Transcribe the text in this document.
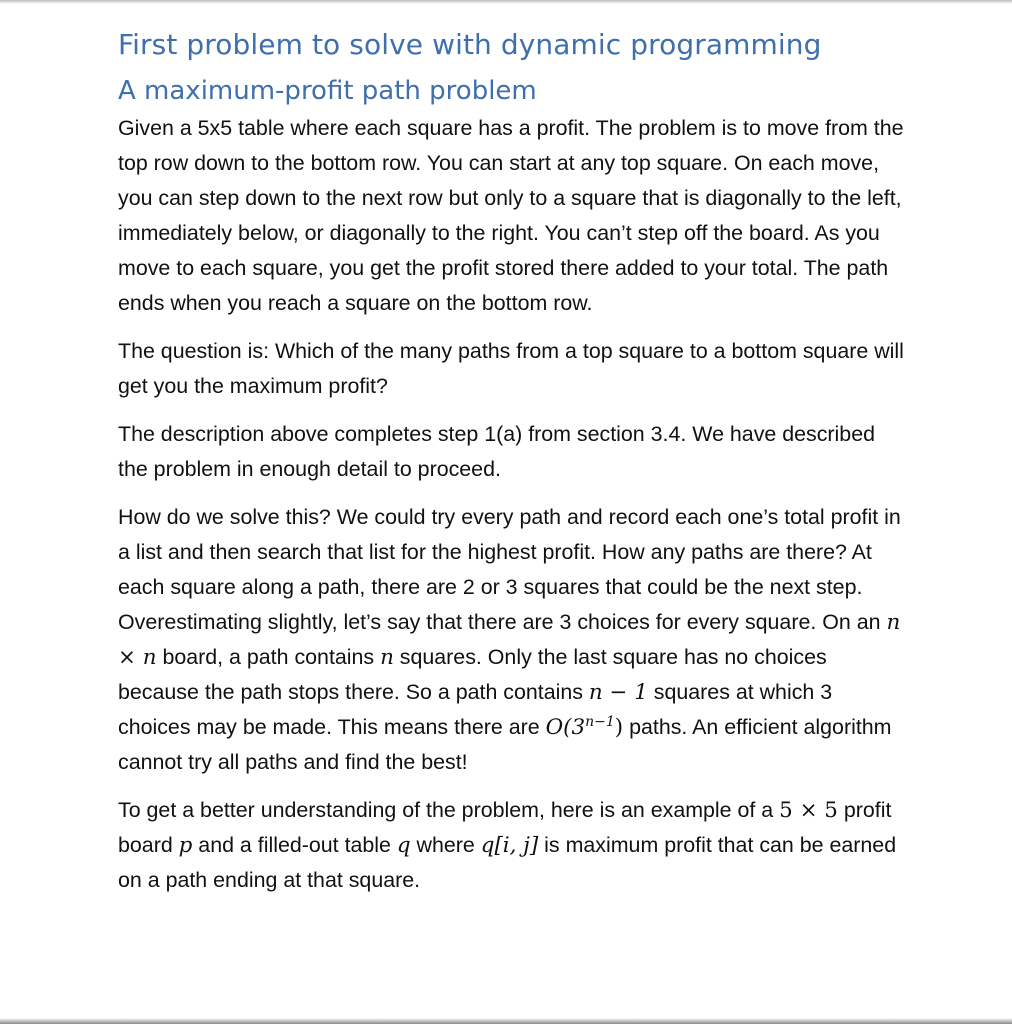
First problem to solve with dynamic programming
A maximum-profit path problem

Given a 5x5 table where each square has a profit. The problem is to move from the top row down to the bottom row. You can start at any top square. On each move, you can step down to the next row but only to a square that is diagonally to the left, immediately below, or diagonally to the right. You can’t step off the board. As you move to each square, you get the profit stored there added to your total. The path ends when you reach a square on the bottom row.

The question is: Which of the many paths from a top square to a bottom square will get you the maximum profit?

The description above completes step 1(a) from section 3.4. We have described the problem in enough detail to proceed.

How do we solve this? We could try every path and record each one’s total profit in a list and then search that list for the highest profit. How any paths are there? At each square along a path, there are 2 or 3 squares that could be the next step. Overestimating slightly, let’s say that there are 3 choices for every square. On an n × n board, a path contains n squares. Only the last square has no choices because the path stops there. So a path contains n − 1 squares at which 3 choices may be made. This means there are $O(3^{n-1})$ paths. An efficient algorithm cannot try all paths and find the best!

To get a better understanding of the problem, here is an example of a 5 × 5 profit board p and a filled-out table q where q[i, j] is maximum profit that can be earned on a path ending at that square.
